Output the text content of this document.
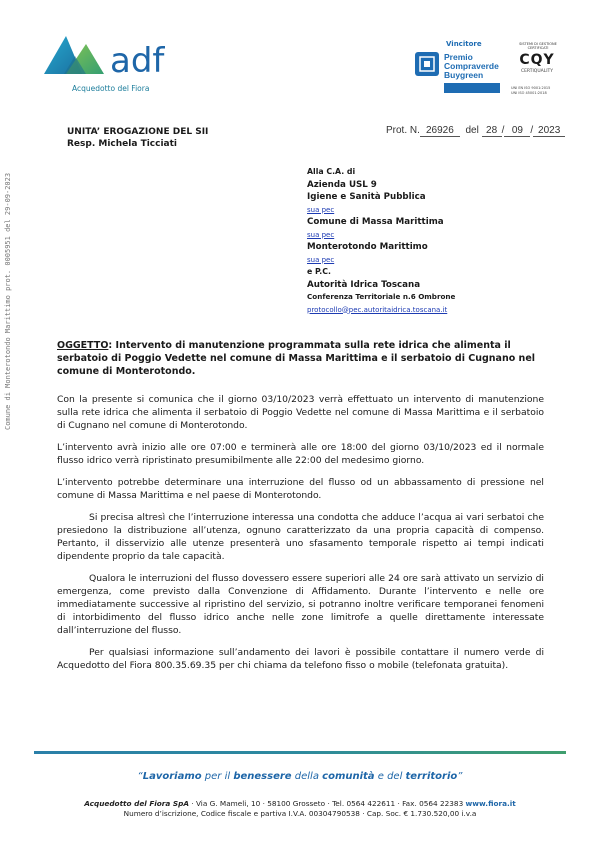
adf
Acquedotto del Fiora
Vincitore
Premio
Compraverde
Buygreen
SISTEMI DI GESTIONE CERTIFICATI
CQY
CERTIQUALITY
UNI EN ISO 9001:2015
UNI ISO 45001:2018
UNITA’ EROGAZIONE DEL SII
Resp. Michela Ticciati
Prot. N. 26926 del 28 / 09 / 2023
Comune di Monterotondo Marittimo prot. 0005951 del 29-09-2023
Alla C.A. di
Azienda USL 9
Igiene e Sanità Pubblica
sua pec
Comune di Massa Marittima
sua pec
Monterotondo Marittimo
sua pec
e P.C.
Autorità Idrica Toscana
Conferenza Territoriale n.6 Ombrone
protocollo@pec.autoritaidrica.toscana.it
OGGETTO: Intervento di manutenzione programmata sulla rete idrica che alimenta il serbatoio di Poggio Vedette nel comune di Massa Marittima e il serbatoio di Cugnano nel comune di Monterotondo.

Con la presente si comunica che il giorno 03/10/2023 verrà effettuato un intervento di manutenzione sulla rete idrica che alimenta il serbatoio di Poggio Vedette nel comune di Massa Marittima e il serbatoio di Cugnano nel comune di Monterotondo.

L’intervento avrà inizio alle ore 07:00 e terminerà alle ore 18:00 del giorno 03/10/2023 ed il normale flusso idrico verrà ripristinato presumibilmente alle 22:00 del medesimo giorno.

L’intervento potrebbe determinare una interruzione del flusso od un abbassamento di pressione nel comune di Massa Marittima e nel paese di Monterotondo.

Si precisa altresì che l’interruzione interessa una condotta che adduce l’acqua ai vari serbatoi che presiedono la distribuzione all’utenza, ognuno caratterizzato da una propria capacità di compenso. Pertanto, il disservizio alle utenze presenterà uno sfasamento temporale rispetto ai tempi indicati dipendente proprio da tale capacità.

Qualora le interruzioni del flusso dovessero essere superiori alle 24 ore sarà attivato un servizio di emergenza, come previsto dalla Convenzione di Affidamento. Durante l’intervento e nelle ore immediatamente successive al ripristino del servizio, si potranno inoltre verificare temporanei fenomeni di intorbidimento del flusso idrico anche nelle zone limitrofe a quelle direttamente interessate dall’interruzione del flusso.

Per qualsiasi informazione sull’andamento dei lavori è possibile contattare il numero verde di Acquedotto del Fiora 800.35.69.35 per chi chiama da telefono fisso o mobile (telefonata gratuita).

“Lavoriamo per il benessere della comunità e del territorio”
Acquedotto del Fiora SpA · Via G. Mameli, 10 · 58100 Grosseto · Tel. 0564 422611 · Fax. 0564 22383 www.fiora.it
Numero d’iscrizione, Codice fiscale e partiva I.V.A. 00304790538 · Cap. Soc. € 1.730.520,00 i.v.a
